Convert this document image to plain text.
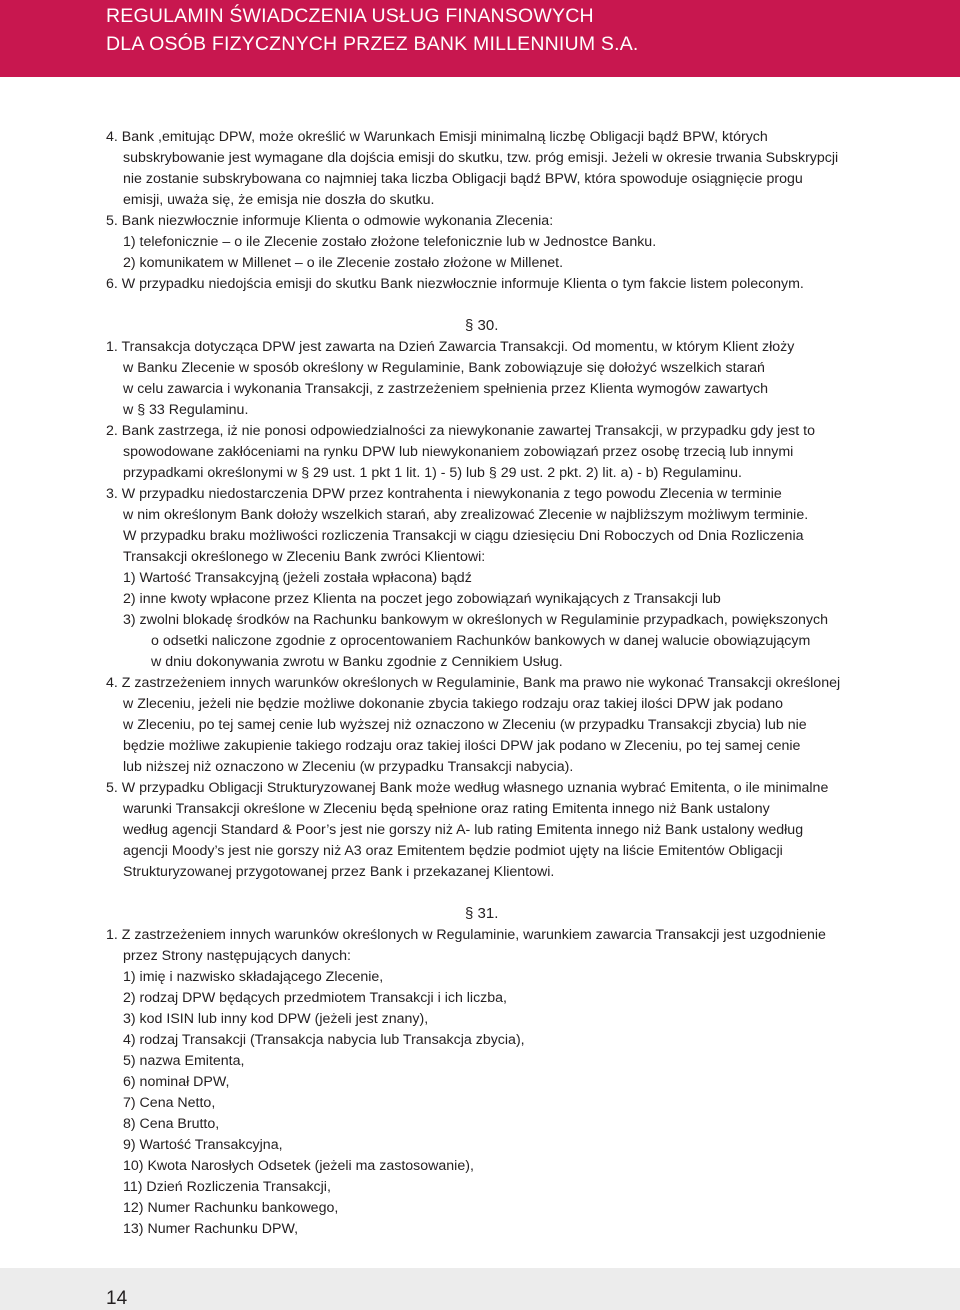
REGULAMIN ŚWIADCZENIA USŁUG FINANSOWYCH
DLA OSÓB FIZYCZNYCH PRZEZ BANK MILLENNIUM S.A.
4. Bank ,emitując DPW, może określić w Warunkach Emisji minimalną liczbę Obligacji bądź BPW, których
subskrybowanie jest wymagane dla dojścia emisji do skutku, tzw. próg emisji. Jeżeli w okresie trwania Subskrypcji
nie zostanie subskrybowana co najmniej taka liczba Obligacji bądź BPW, która spowoduje osiągnięcie progu
emisji, uważa się, że emisja nie doszła do skutku.
5. Bank niezwłocznie informuje Klienta o odmowie wykonania Zlecenia:
1) telefonicznie – o ile Zlecenie zostało złożone telefonicznie lub w Jednostce Banku.
2) komunikatem w Millenet – o ile Zlecenie zostało złożone w Millenet.
6. W przypadku niedojścia emisji do skutku Bank niezwłocznie informuje Klienta o tym fakcie listem poleconym.
§ 30.
1. Transakcja dotycząca DPW jest zawarta na Dzień Zawarcia Transakcji. Od momentu, w którym Klient złoży
w Banku Zlecenie w sposób określony w Regulaminie, Bank zobowiązuje się dołożyć wszelkich starań
w celu zawarcia i wykonania Transakcji, z zastrzeżeniem spełnienia przez Klienta wymogów zawartych
w § 33 Regulaminu.
2. Bank zastrzega, iż nie ponosi odpowiedzialności za niewykonanie zawartej Transakcji, w przypadku gdy jest to
spowodowane zakłóceniami na rynku DPW lub niewykonaniem zobowiązań przez osobę trzecią lub innymi
przypadkami określonymi w § 29 ust. 1 pkt 1 lit. 1) - 5) lub § 29 ust. 2 pkt. 2) lit. a) - b) Regulaminu.
3. W przypadku niedostarczenia DPW przez kontrahenta i niewykonania z tego powodu Zlecenia w terminie
w nim określonym Bank dołoży wszelkich starań, aby zrealizować Zlecenie w najbliższym możliwym terminie.
W przypadku braku możliwości rozliczenia Transakcji w ciągu dziesięciu Dni Roboczych od Dnia Rozliczenia
Transakcji określonego w Zleceniu Bank zwróci Klientowi:
1) Wartość Transakcyjną (jeżeli została wpłacona) bądź
2) inne kwoty wpłacone przez Klienta na poczet jego zobowiązań wynikających z Transakcji lub
3) zwolni blokadę środków na Rachunku bankowym w określonych w Regulaminie przypadkach, powiększonych
o odsetki naliczone zgodnie z oprocentowaniem Rachunków bankowych w danej walucie obowiązującym
w dniu dokonywania zwrotu w Banku zgodnie z Cennikiem Usług.
4. Z zastrzeżeniem innych warunków określonych w Regulaminie, Bank ma prawo nie wykonać Transakcji określonej
w Zleceniu, jeżeli nie będzie możliwe dokonanie zbycia takiego rodzaju oraz takiej ilości DPW jak podano
w Zleceniu, po tej samej cenie lub wyższej niż oznaczono w Zleceniu (w przypadku Transakcji zbycia) lub nie
będzie możliwe zakupienie takiego rodzaju oraz takiej ilości DPW jak podano w Zleceniu, po tej samej cenie
lub niższej niż oznaczono w Zleceniu (w przypadku Transakcji nabycia).
5. W przypadku Obligacji Strukturyzowanej Bank może według własnego uznania wybrać Emitenta, o ile minimalne
warunki Transakcji określone w Zleceniu będą spełnione oraz rating Emitenta innego niż Bank ustalony
według agencji Standard & Poor’s jest nie gorszy niż A- lub rating Emitenta innego niż Bank ustalony według
agencji Moody’s jest nie gorszy niż A3 oraz Emitentem będzie podmiot ujęty na liście Emitentów Obligacji
Strukturyzowanej przygotowanej przez Bank i przekazanej Klientowi.
§ 31.
1. Z zastrzeżeniem innych warunków określonych w Regulaminie, warunkiem zawarcia Transakcji jest uzgodnienie
przez Strony następujących danych:
1) imię i nazwisko składającego Zlecenie,
2) rodzaj DPW będących przedmiotem Transakcji i ich liczba,
3) kod ISIN lub inny kod DPW (jeżeli jest znany),
4) rodzaj Transakcji (Transakcja nabycia lub Transakcja zbycia),
5) nazwa Emitenta,
6) nominał DPW,
7) Cena Netto,
8) Cena Brutto,
9) Wartość Transakcyjna,
10) Kwota Narosłych Odsetek (jeżeli ma zastosowanie),
11) Dzień Rozliczenia Transakcji,
12) Numer Rachunku bankowego,
13) Numer Rachunku DPW,
14
